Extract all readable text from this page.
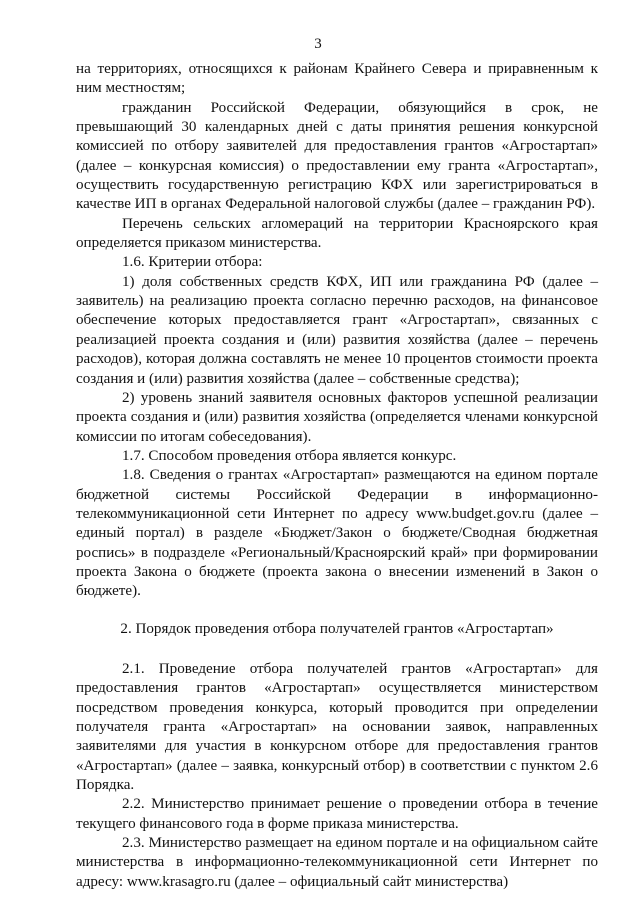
3

на территориях, относящихся к районам Крайнего Севера и приравненным к ним местностям;

гражданин Российской Федерации, обязующийся в срок, не превышающий 30 календарных дней с даты принятия решения конкурсной комиссией по отбору заявителей для предоставления грантов «Агростартап» (далее – конкурсная комиссия) о предоставлении ему гранта «Агростартап», осуществить государственную регистрацию КФХ или зарегистрироваться в качестве ИП в органах Федеральной налоговой службы (далее – гражданин РФ).

Перечень сельских агломераций на территории Красноярского края определяется приказом министерства.

1.6. Критерии отбора:

1) доля собственных средств КФХ, ИП или гражданина РФ (далее – заявитель) на реализацию проекта согласно перечню расходов, на финансовое обеспечение которых предоставляется грант «Агростартап», связанных с реализацией проекта создания и (или) развития хозяйства (далее – перечень расходов), которая должна составлять не менее 10 процентов стоимости проекта создания и (или) развития хозяйства (далее – собственные средства);

2) уровень знаний заявителя основных факторов успешной реализации проекта создания и (или) развития хозяйства (определяется членами конкурсной комиссии по итогам собеседования).

1.7. Способом проведения отбора является конкурс.

1.8. Сведения о грантах «Агростартап» размещаются на едином портале бюджетной системы Российской Федерации в информационно-телекоммуникационной сети Интернет по адресу www.budget.gov.ru (далее – единый портал) в разделе «Бюджет/Закон о бюджете/Сводная бюджетная роспись» в подразделе «Региональный/Красноярский край» при формировании проекта Закона о бюджете (проекта закона о внесении изменений в Закон о бюджете).

2. Порядок проведения отбора получателей грантов «Агростартап»

2.1. Проведение отбора получателей грантов «Агростартап» для предоставления грантов «Агростартап» осуществляется министерством посредством проведения конкурса, который проводится при определении получателя гранта «Агростартап» на основании заявок, направленных заявителями для участия в конкурсном отборе для предоставления грантов «Агростартап» (далее – заявка, конкурсный отбор) в соответствии с пунктом 2.6 Порядка.

2.2. Министерство принимает решение о проведении отбора в течение текущего финансового года в форме приказа министерства.

2.3. Министерство размещает на едином портале и на официальном сайте министерства в информационно-телекоммуникационной сети Интернет по адресу: www.krasagro.ru (далее – официальный сайт министерства)
